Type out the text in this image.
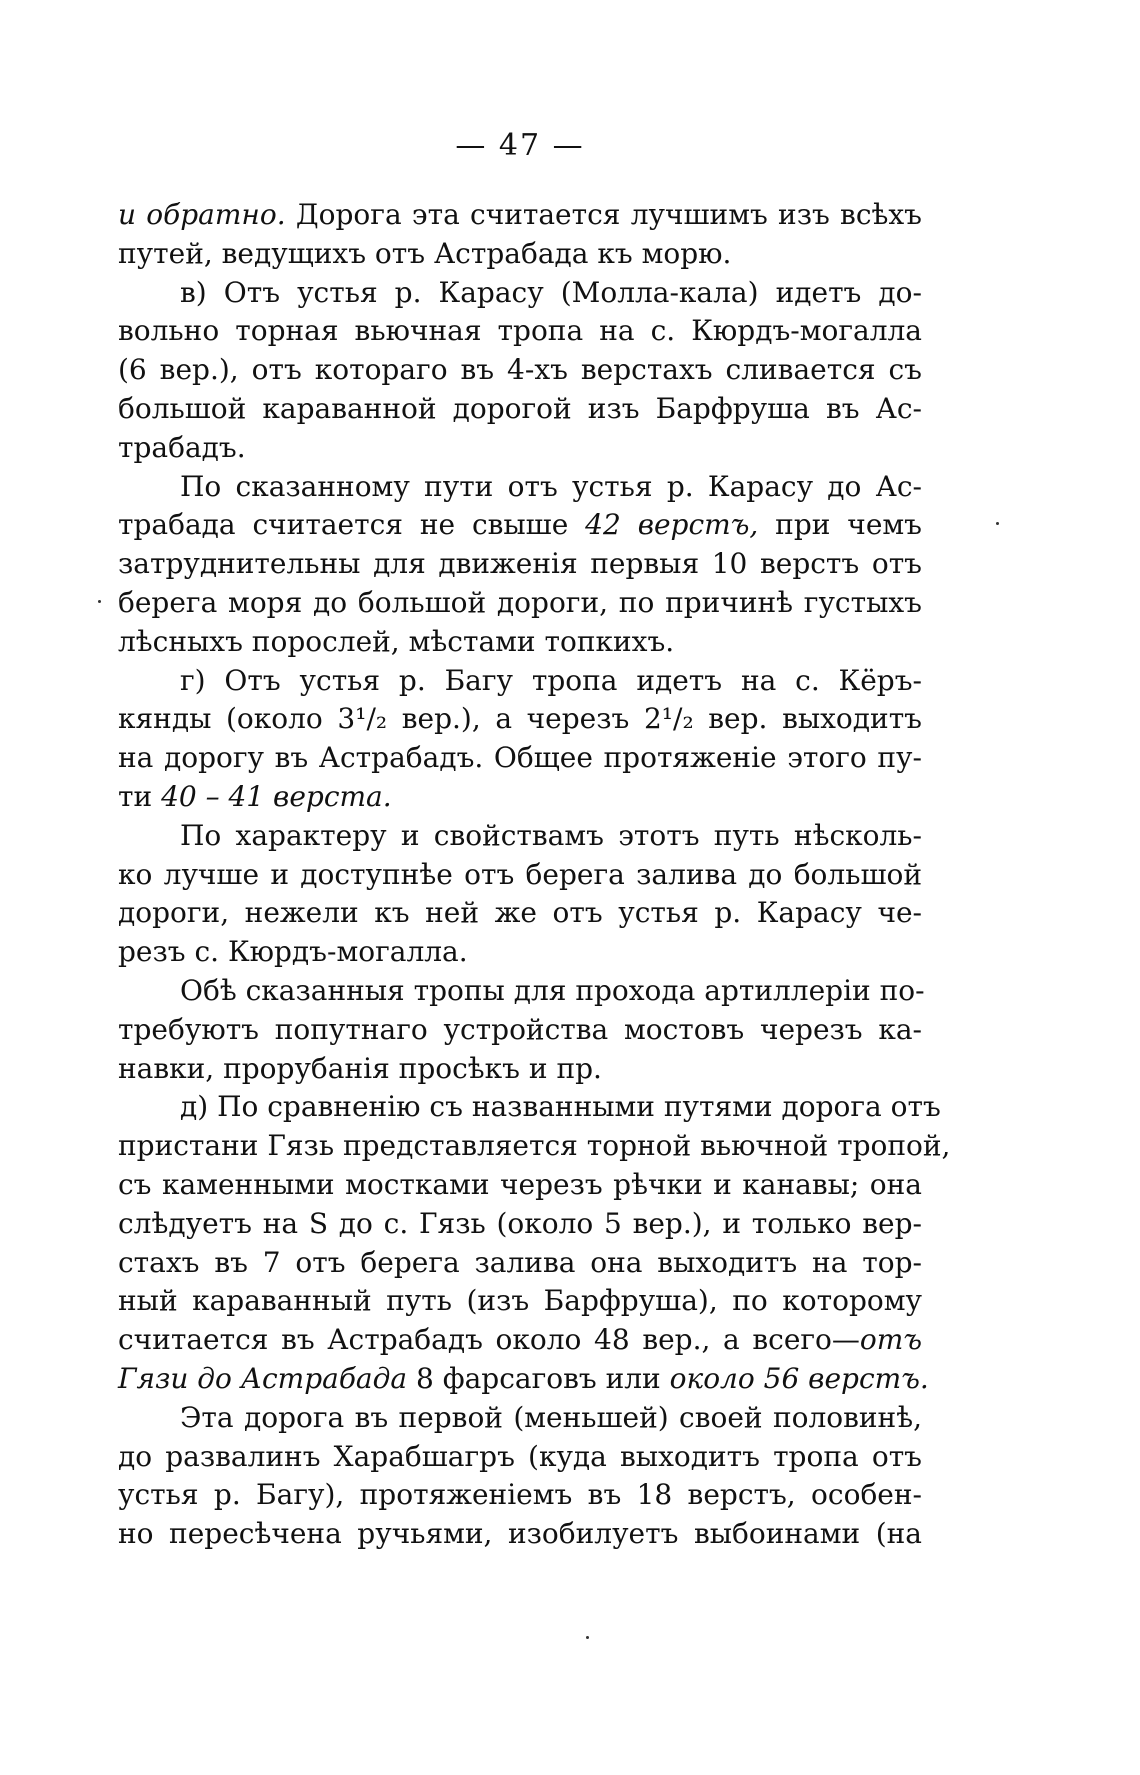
— 47 —
и обратно. Дорога эта считается лучшимъ изъ всѣхъ
путей, ведущихъ отъ Астрабада къ морю.
в) Отъ устья р. Карасу (Молла-кала) идетъ до-
вольно торная вьючная тропа на с. Кюрдъ-могалла
(6 вер.), отъ котораго въ 4-хъ верстахъ сливается съ
большой караванной дорогой изъ Барфруша въ Ас-
трабадъ.
По сказанному пути отъ устья р. Карасу до Ас-
трабада считается не свыше 42 верстъ, при чемъ
затруднительны для движенія первыя 10 верстъ отъ
берега моря до большой дороги, по причинѣ густыхъ
лѣсныхъ порослей, мѣстами топкихъ.
г) Отъ устья р. Багу тропа идетъ на с. Кёръ-
кянды (около 3¹/₂ вер.), а черезъ 2¹/₂ вер. выходитъ
на дорогу въ Астрабадъ. Общее протяженіе этого пу-
ти 40 – 41 верста.
По характеру и свойствамъ этотъ путь нѣсколь-
ко лучше и доступнѣе отъ берега залива до большой
дороги, нежели къ ней же отъ устья р. Карасу че-
резъ с. Кюрдъ-могалла.
Обѣ сказанныя тропы для прохода артиллеріи по-
требуютъ попутнаго устройства мостовъ черезъ ка-
навки, прорубанія просѣкъ и пр.
д) По сравненію съ названными путями дорога отъ
пристани Гязь представляется торной вьючной тропой,
съ каменными мостками черезъ рѣчки и канавы; она
слѣдуетъ на S до с. Гязь (около 5 вер.), и только вер-
стахъ въ 7 отъ берега залива она выходитъ на тор-
ный караванный путь (изъ Барфруша), по которому
считается въ Астрабадъ около 48 вер., а всего—отъ
Гязи до Астрабада 8 фарсаговъ или около 56 верстъ.
Эта дорога въ первой (меньшей) своей половинѣ,
до развалинъ Харабшагръ (куда выходитъ тропа отъ
устья р. Багу), протяженіемъ въ 18 верстъ, особен-
но пересѣчена ручьями, изобилуетъ выбоинами (на
